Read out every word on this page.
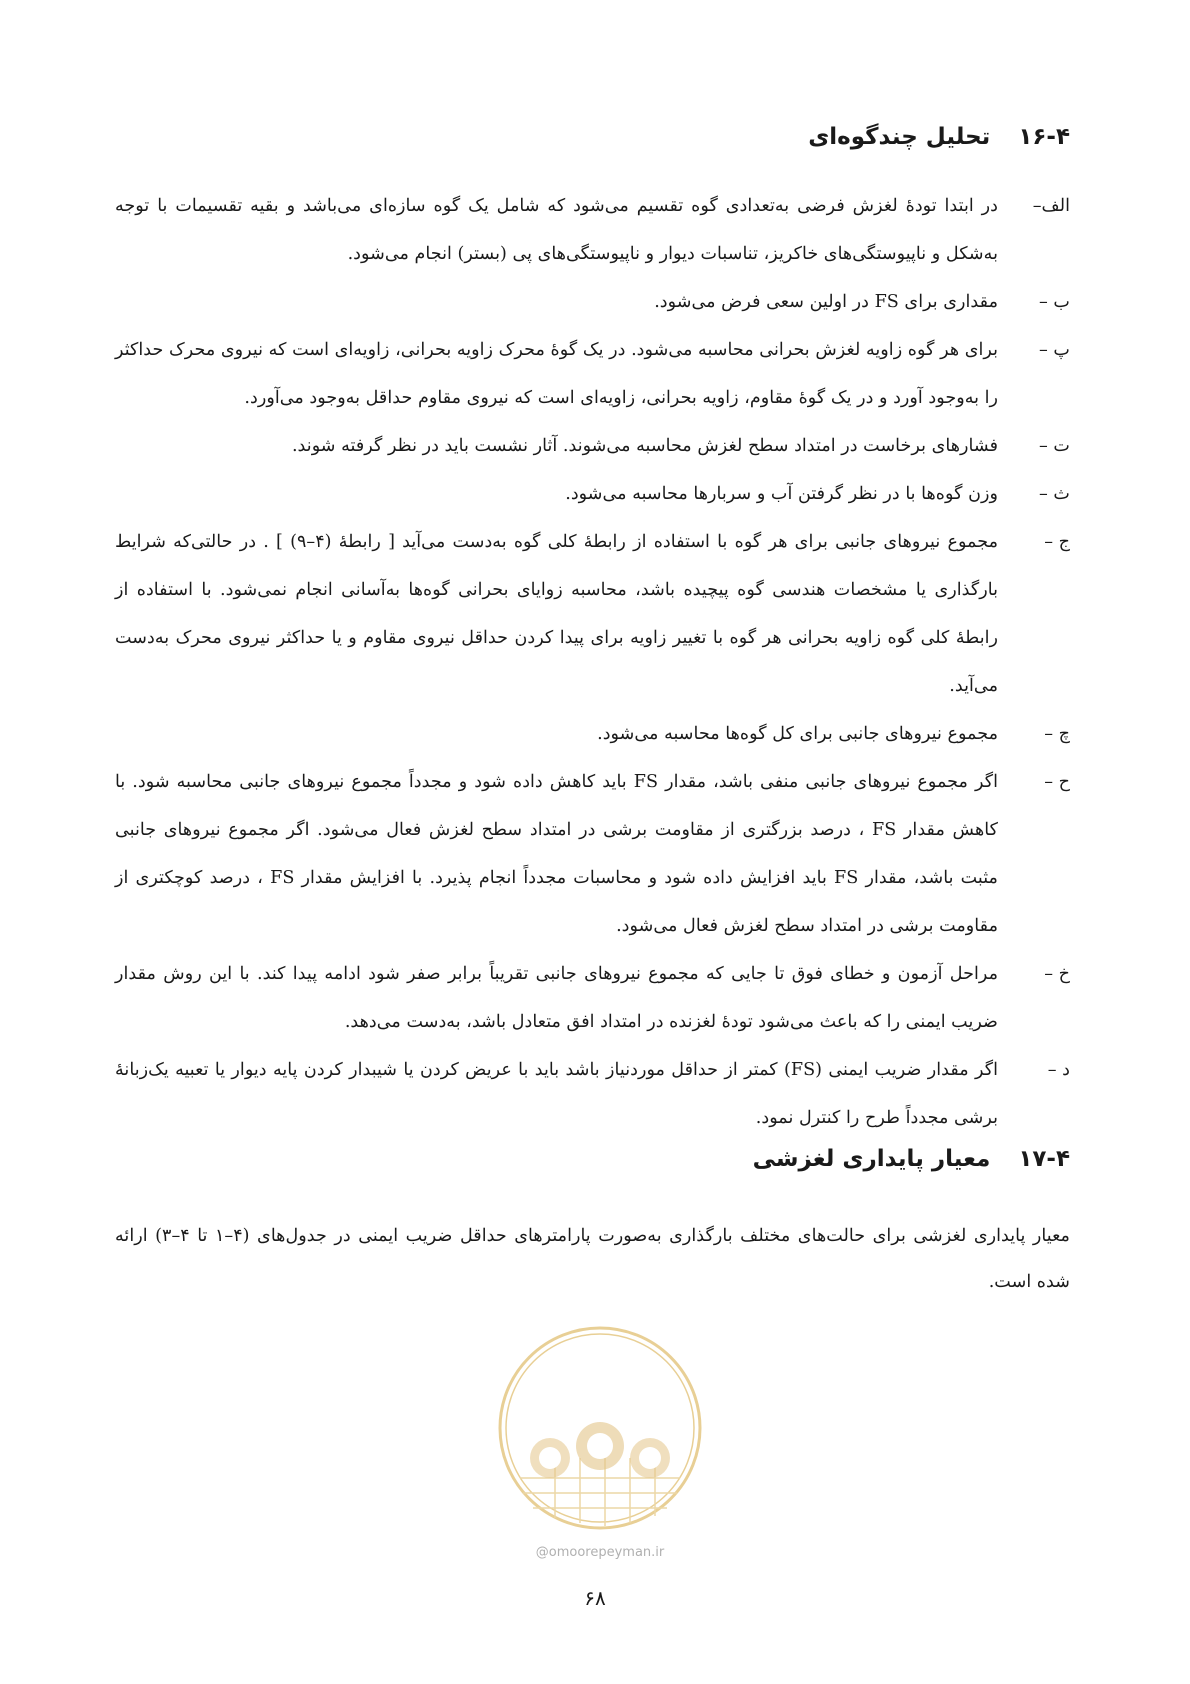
۱۶-۴
تحلیل چندگوه‌ای
الف–
در ابتدا تودهٔ لغزش فرضی به‌تعدادی گوه تقسیم می‌شود که شامل یک گوه سازه‌ای می‌باشد و بقیه تقسیمات با توجه به‌شکل و ناپیوستگی‌های خاکریز، تناسبات دیوار و ناپیوستگی‌های پی (بستر) انجام می‌شود.
ب –
مقداری برای FS در اولین سعی فرض می‌شود.
پ –
برای هر گوه زاویه لغزش بحرانی محاسبه می‌شود. در یک گوهٔ محرک زاویه بحرانی، زاویه‌ای است که نیروی محرک حداکثر را به‌وجود آورد و در یک گوهٔ مقاوم، زاویه بحرانی، زاویه‌ای است که نیروی مقاوم حداقل به‌وجود می‌آورد.
ت –
فشارهای برخاست در امتداد سطح لغزش محاسبه می‌شوند. آثار نشست باید در نظر گرفته شوند.
ث –
وزن گوه‌ها با در نظر گرفتن آب و سربارها محاسبه می‌شود.
ج –
مجموع نیروهای جانبی برای هر گوه با استفاده از رابطهٔ کلی گوه به‌دست می‌آید [ رابطهٔ (۴–۹) ] . در حالتی‌که شرایط بارگذاری یا مشخصات هندسی گوه پیچیده باشد، محاسبه زوایای بحرانی گوه‌ها به‌آسانی انجام نمی‌شود. با استفاده از رابطهٔ کلی گوه زاویه بحرانی هر گوه با تغییر زاویه برای پیدا کردن حداقل نیروی مقاوم و یا حداکثر نیروی محرک به‌دست می‌آید.
چ –
مجموع نیروهای جانبی برای کل گوه‌ها محاسبه می‌شود.
ح –
اگر مجموع نیروهای جانبی منفی باشد، مقدار FS باید کاهش داده شود و مجدداً مجموع نیروهای جانبی محاسبه شود. با کاهش مقدار FS ، درصد بزرگتری از مقاومت برشی در امتداد سطح لغزش فعال می‌شود. اگر مجموع نیروهای جانبی مثبت باشد، مقدار FS باید افزایش داده شود و محاسبات مجدداً انجام پذیرد. با افزایش مقدار FS ، درصد کوچکتری از مقاومت برشی در امتداد سطح لغزش فعال می‌شود.
خ –
مراحل آزمون و خطای فوق تا جایی که مجموع نیروهای جانبی تقریباً برابر صفر شود ادامه پیدا کند. با این روش مقدار ضریب ایمنی را که باعث می‌شود تودهٔ لغزنده در امتداد افق متعادل باشد، به‌دست می‌دهد.
د –
اگر مقدار ضریب ایمنی (FS) کمتر از حداقل موردنیاز باشد باید با عریض کردن یا شیبدار کردن پایه دیوار یا تعبیه یک‌زبانهٔ برشی مجدداً طرح را کنترل نمود.
۱۷-۴
معیار پایداری لغزشی
معیار پایداری لغزشی برای حالت‌های مختلف بارگذاری به‌صورت پارامترهای حداقل ضریب ایمنی در جدول‌های (۴–۱ تا ۴–۳) ارائه شده است.
@omoorepeyman.ir
۶۸
